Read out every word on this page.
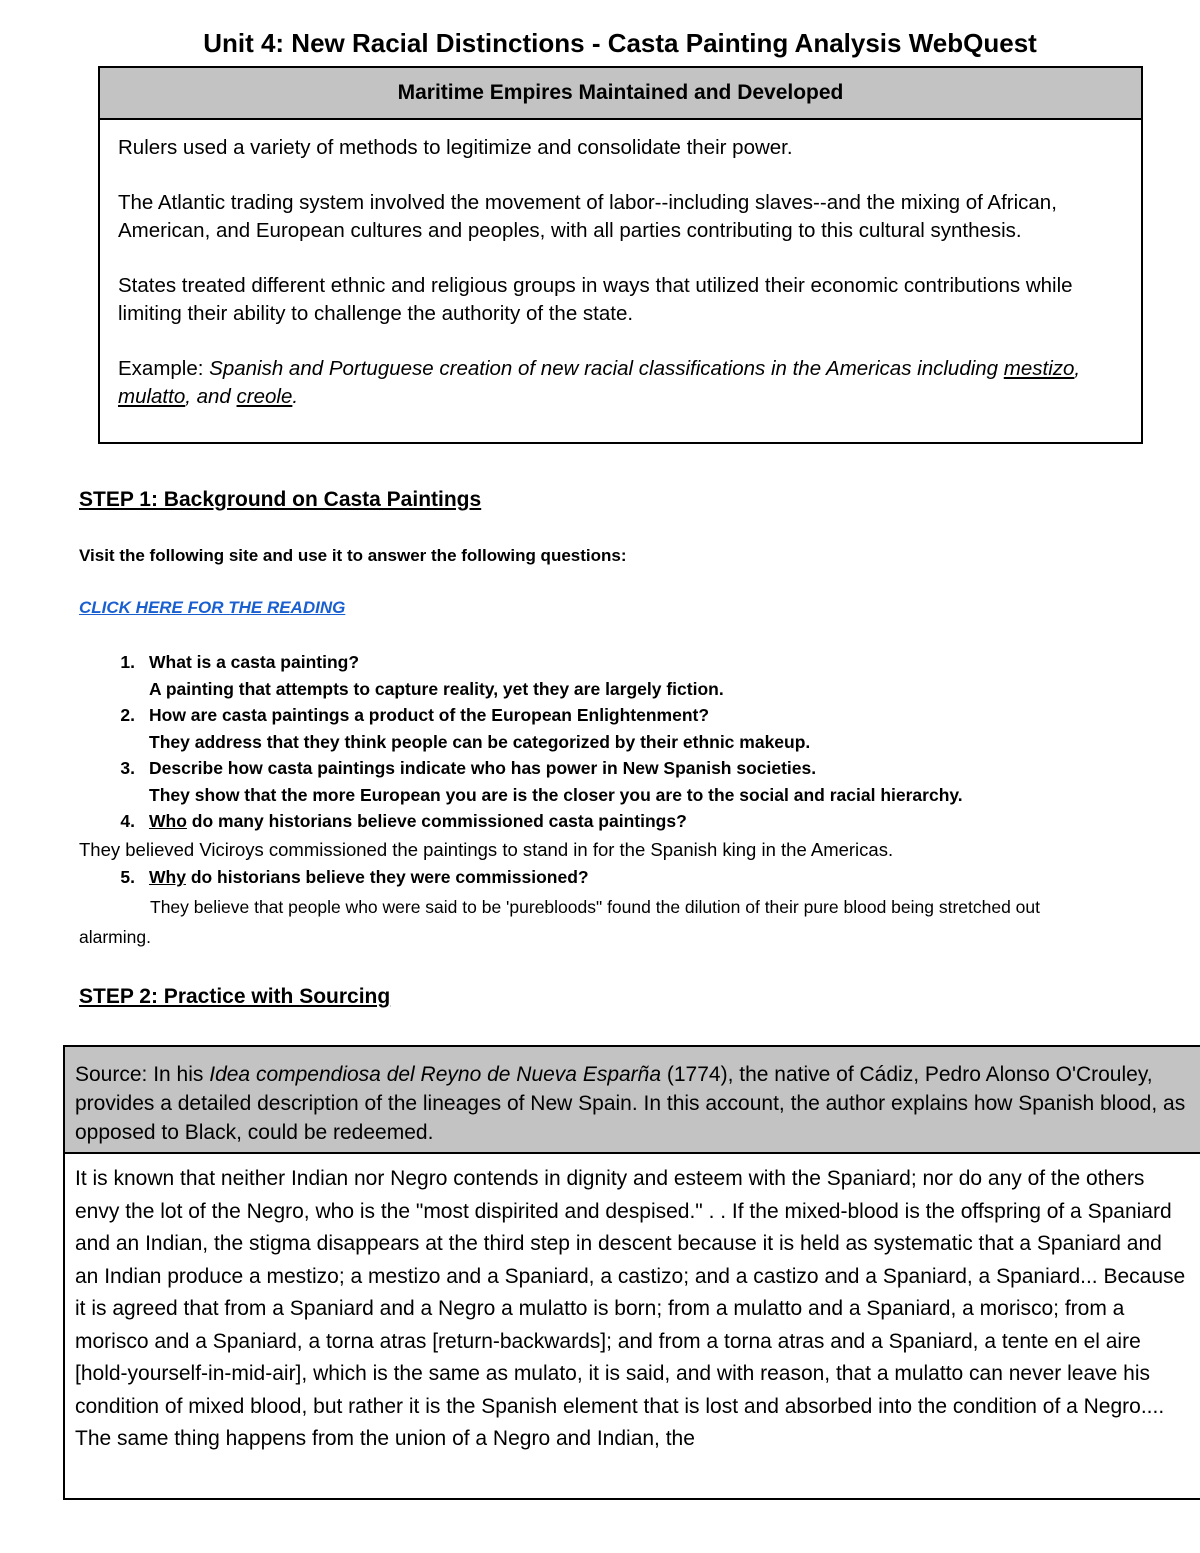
Unit 4: New Racial Distinctions - Casta Painting Analysis WebQuest
Maritime Empires Maintained and Developed

Rulers used a variety of methods to legitimize and consolidate their power.

The Atlantic trading system involved the movement of labor--including slaves--and the mixing of African, American, and European cultures and peoples, with all parties contributing to this cultural synthesis.

States treated different ethnic and religious groups in ways that utilized their economic contributions while limiting their ability to challenge the authority of the state.

Example: Spanish and Portuguese creation of new racial classifications in the Americas including mestizo, mulatto, and creole.

STEP 1: Background on Casta Paintings
Visit the following site and use it to answer the following questions:
CLICK HERE FOR THE READING
1. What is a casta painting?
A painting that attempts to capture reality, yet they are largely fiction.
2. How are casta paintings a product of the European Enlightenment?
They address that they think people can be categorized by their ethnic makeup.
3. Describe how casta paintings indicate who has power in New Spanish societies.
They show that the more European you are is the closer you are to the social and racial hierarchy.
4. Who do many historians believe commissioned casta paintings?
They believed Viciroys commissioned the paintings to stand in for the Spanish king in the Americas.
5. Why do historians believe they were commissioned?
They believe that people who were said to be 'purebloods" found the dilution of their pure blood being stretched out
alarming.
STEP 2: Practice with Sourcing
Source: In his Idea compendiosa del Reyno de Nueva Esparña (1774), the native of Cádiz, Pedro Alonso O'Crouley, provides a detailed description of the lineages of New Spain. In this account, the author explains how Spanish blood, as opposed to Black, could be redeemed.
It is known that neither Indian nor Negro contends in dignity and esteem with the Spaniard; nor do any of the others envy the lot of the Negro, who is the "most dispirited and despised." . . If the mixed-blood is the offspring of a Spaniard and an Indian, the stigma disappears at the third step in descent because it is held as systematic that a Spaniard and an Indian produce a mestizo; a mestizo and a Spaniard, a castizo; and a castizo and a Spaniard, a Spaniard... Because it is agreed that from a Spaniard and a Negro a mulatto is born; from a mulatto and a Spaniard, a morisco; from a morisco and a Spaniard, a torna atras [return-backwards]; and from a torna atras and a Spaniard, a tente en el aire [hold-yourself-in-mid-air], which is the same as mulato, it is said, and with reason, that a mulatto can never leave his condition of mixed blood, but rather it is the Spanish element that is lost and absorbed into the condition of a Negro.... The same thing happens from the union of a Negro and Indian, the
